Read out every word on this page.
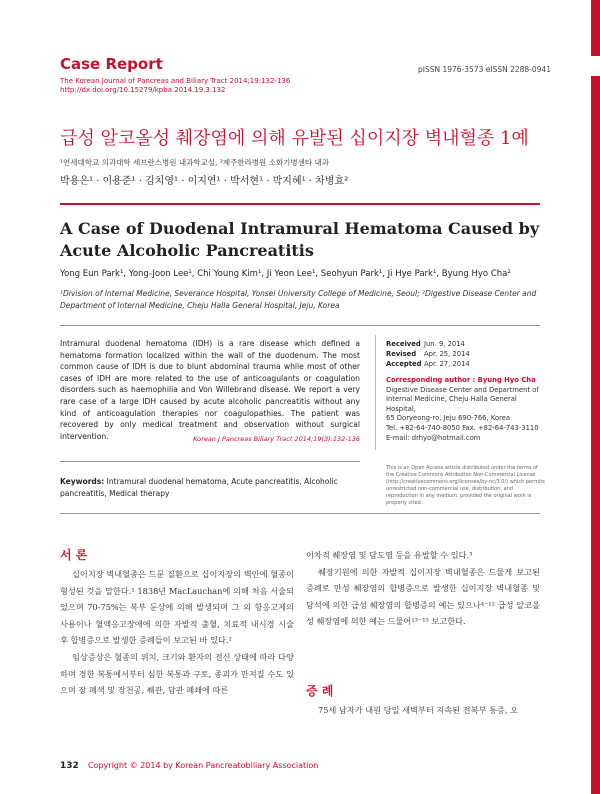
Case Report
The Korean Journal of Pancreas and Biliary Tract 2014;19:132-136
http://dx.doi.org/10.15279/kpba.2014.19.3.132
pISSN 1976-3573 eISSN 2288-0941
급성 알코올성 췌장염에 의해 유발된 십이지장 벽내혈종 1예
¹연세대학교 의과대학 세브란스병원 내과학교실, ²제주한라병원 소화기병센타 내과
박용은¹ · 이용준¹ · 김치영¹ · 이지연¹ · 박서현¹ · 박지혜¹ · 차병효²
A Case of Duodenal Intramural Hematoma Caused by Acute Alcoholic Pancreatitis
Yong Eun Park¹, Yong-Joon Lee¹, Chi Young Kim¹, Ji Yeon Lee¹, Seohyun Park¹, Ji Hye Park¹, Byung Hyo Cha²
¹Division of Internal Medicine, Severance Hospital, Yonsei University College of Medicine, Seoul; ²Digestive Disease Center and Department of Internal Medicine, Cheju Halla General Hospital, Jeju, Korea
Intramural duodenal hematoma (IDH) is a rare disease which defined a hematoma formation localized within the wall of the duodenum. The most common cause of IDH is due to blunt abdominal trauma while most of other cases of IDH are more related to the use of anticoagulants or coagulation disorders such as haemophilia and Von Willebrand disease. We report a very rare case of a large IDH caused by acute alcoholic pancreatitis without any kind of anticoagulation therapies nor coagulopathies. The patient was recovered by only medical treatment and observation without surgical intervention.	Korean J Pancreas Biliary Tract 2014;19(3):132-136
Received Jun. 9, 2014
Revised Apr. 25, 2014
Accepted Apr. 27, 2014
Corresponding author : Byung Hyo Cha
Digestive Disease Center and Department of
Internal Medicine, Cheju Halla General Hospital,
65 Doryeong-ro, Jeju 690-766, Korea
Tel. +82-64-740-8050 Fax. +82-64-743-3110
E-mail: drhyo@hotmail.com
Keywords: Intramural duodenal hematoma, Acute pancreatitis, Alcoholic pancreatitis, Medical therapy
This is an Open Access article distributed under the terms of the Creative Commons Attribution Non-Commercial License (http://creativecommons.org/licenses/by-nc/3.0/) which permits unrestricted non-commercial use, distribution, and reproduction in any medium, provided the original work is properly cited.
서 론

십이지장 벽내혈종은 드문 질환으로 십이지장의 벽안에 혈종이 형성된 것을 말한다.¹ 1838년 MacLauchan에 의해 처음 서술되었으며 70-75%는 복부 둔상에 의해 발생되며 그 외 항응고제의 사용이나 혈액응고장애에 의한 자발적 출혈, 치료적 내시경 시술 후 합병증으로 발생한 증례들이 보고된 바 있다.²

임상증상은 혈종의 위치, 크기와 환자의 전신 상태에 따라 다양하며 경한 복통에서부터 심한 복통과 구토, 종괴가 만져질 수도 있으며 장 폐색 및 장천공, 췌관, 담관 폐쇄에 따른

이차적 췌장염 및 담도염 등을 유발할 수 있다.³

췌장기원에 의한 자발적 십이지장 벽내혈종은 드물게 보고된 증례로 만성 췌장염의 합병증으로 발생한 십이지장 벽내혈종 및 담석에 의한 급성 췌장염의 합병증의 예는 있으나⁴⁻¹² 급성 알코올성 췌장염에 의한 예는 드물어¹³⁻¹⁵ 보고한다.

증 례

75세 남자가 내원 당일 새벽부터 지속된 전복부 통증, 오

132 Copyright © 2014 by Korean Pancreatobiliary Association
